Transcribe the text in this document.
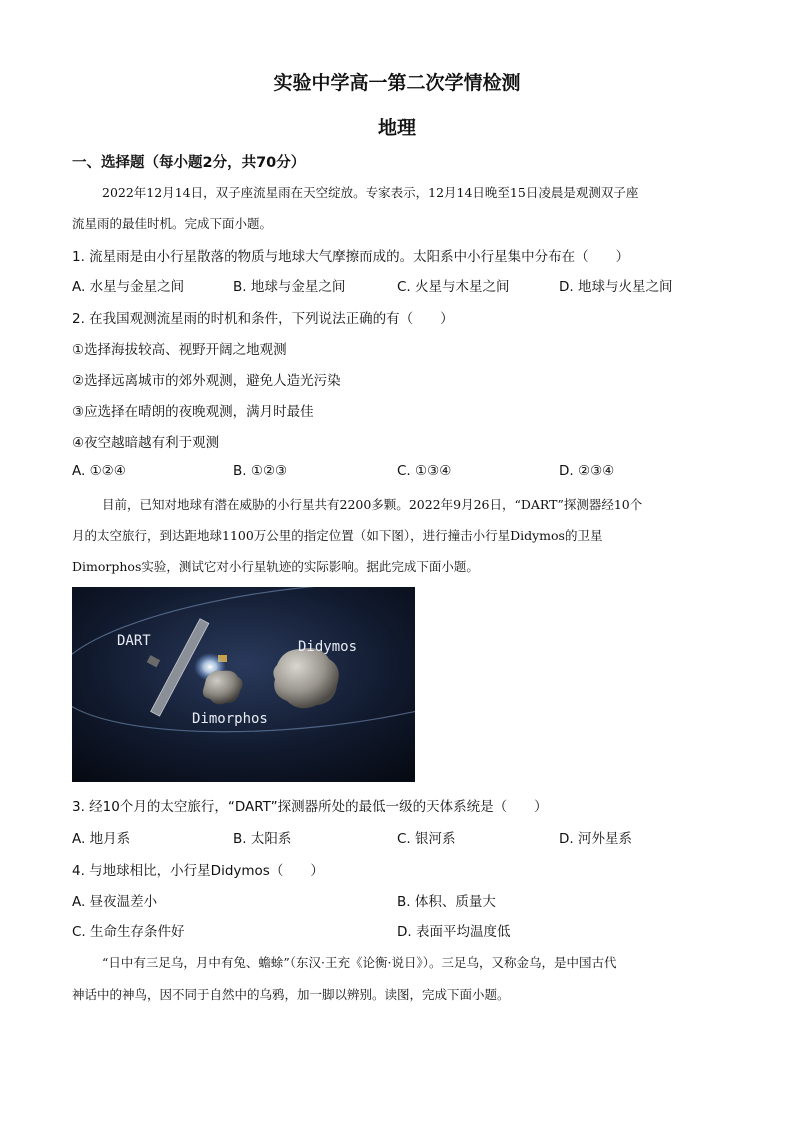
实验中学高一第二次学情检测
地理
一、选择题（每小题2分，共70分）
2022年12月14日，双子座流星雨在天空绽放。专家表示，12月14日晚至15日凌晨是观测双子座
流星雨的最佳时机。完成下面小题。
1. 流星雨是由小行星散落的物质与地球大气摩擦而成的。太阳系中小行星集中分布在（　　）
A. 水星与金星之间	B. 地球与金星之间	C. 火星与木星之间	D. 地球与火星之间
2. 在我国观测流星雨的时机和条件，下列说法正确的有（　　）
①选择海拔较高、视野开阔之地观测
②选择远离城市的郊外观测，避免人造光污染
③应选择在晴朗的夜晚观测，满月时最佳
④夜空越暗越有利于观测
A. ①②④	B. ①②③	C. ①③④	D. ②③④
目前，已知对地球有潜在威胁的小行星共有2200多颗。2022年9月26日，“DART”探测器经10个
月的太空旅行，到达距地球1100万公里的指定位置（如下图），进行撞击小行星Didymos的卫星
Dimorphos实验，测试它对小行星轨迹的实际影响。据此完成下面小题。
DART	Didymos
Dimorphos
3. 经10个月的太空旅行，“DART”探测器所处的最低一级的天体系统是（　　）
A. 地月系	B. 太阳系	C. 银河系	D. 河外星系
4. 与地球相比，小行星Didymos（　　）
A. 昼夜温差小	B. 体积、质量大
C. 生命生存条件好	D. 表面平均温度低
“日中有三足乌，月中有兔、蟾蜍”（东汉·王充《论衡·说日》）。三足乌，又称金乌，是中国古代
神话中的神鸟，因不同于自然中的乌鸦，加一脚以辨别。读图，完成下面小题。
